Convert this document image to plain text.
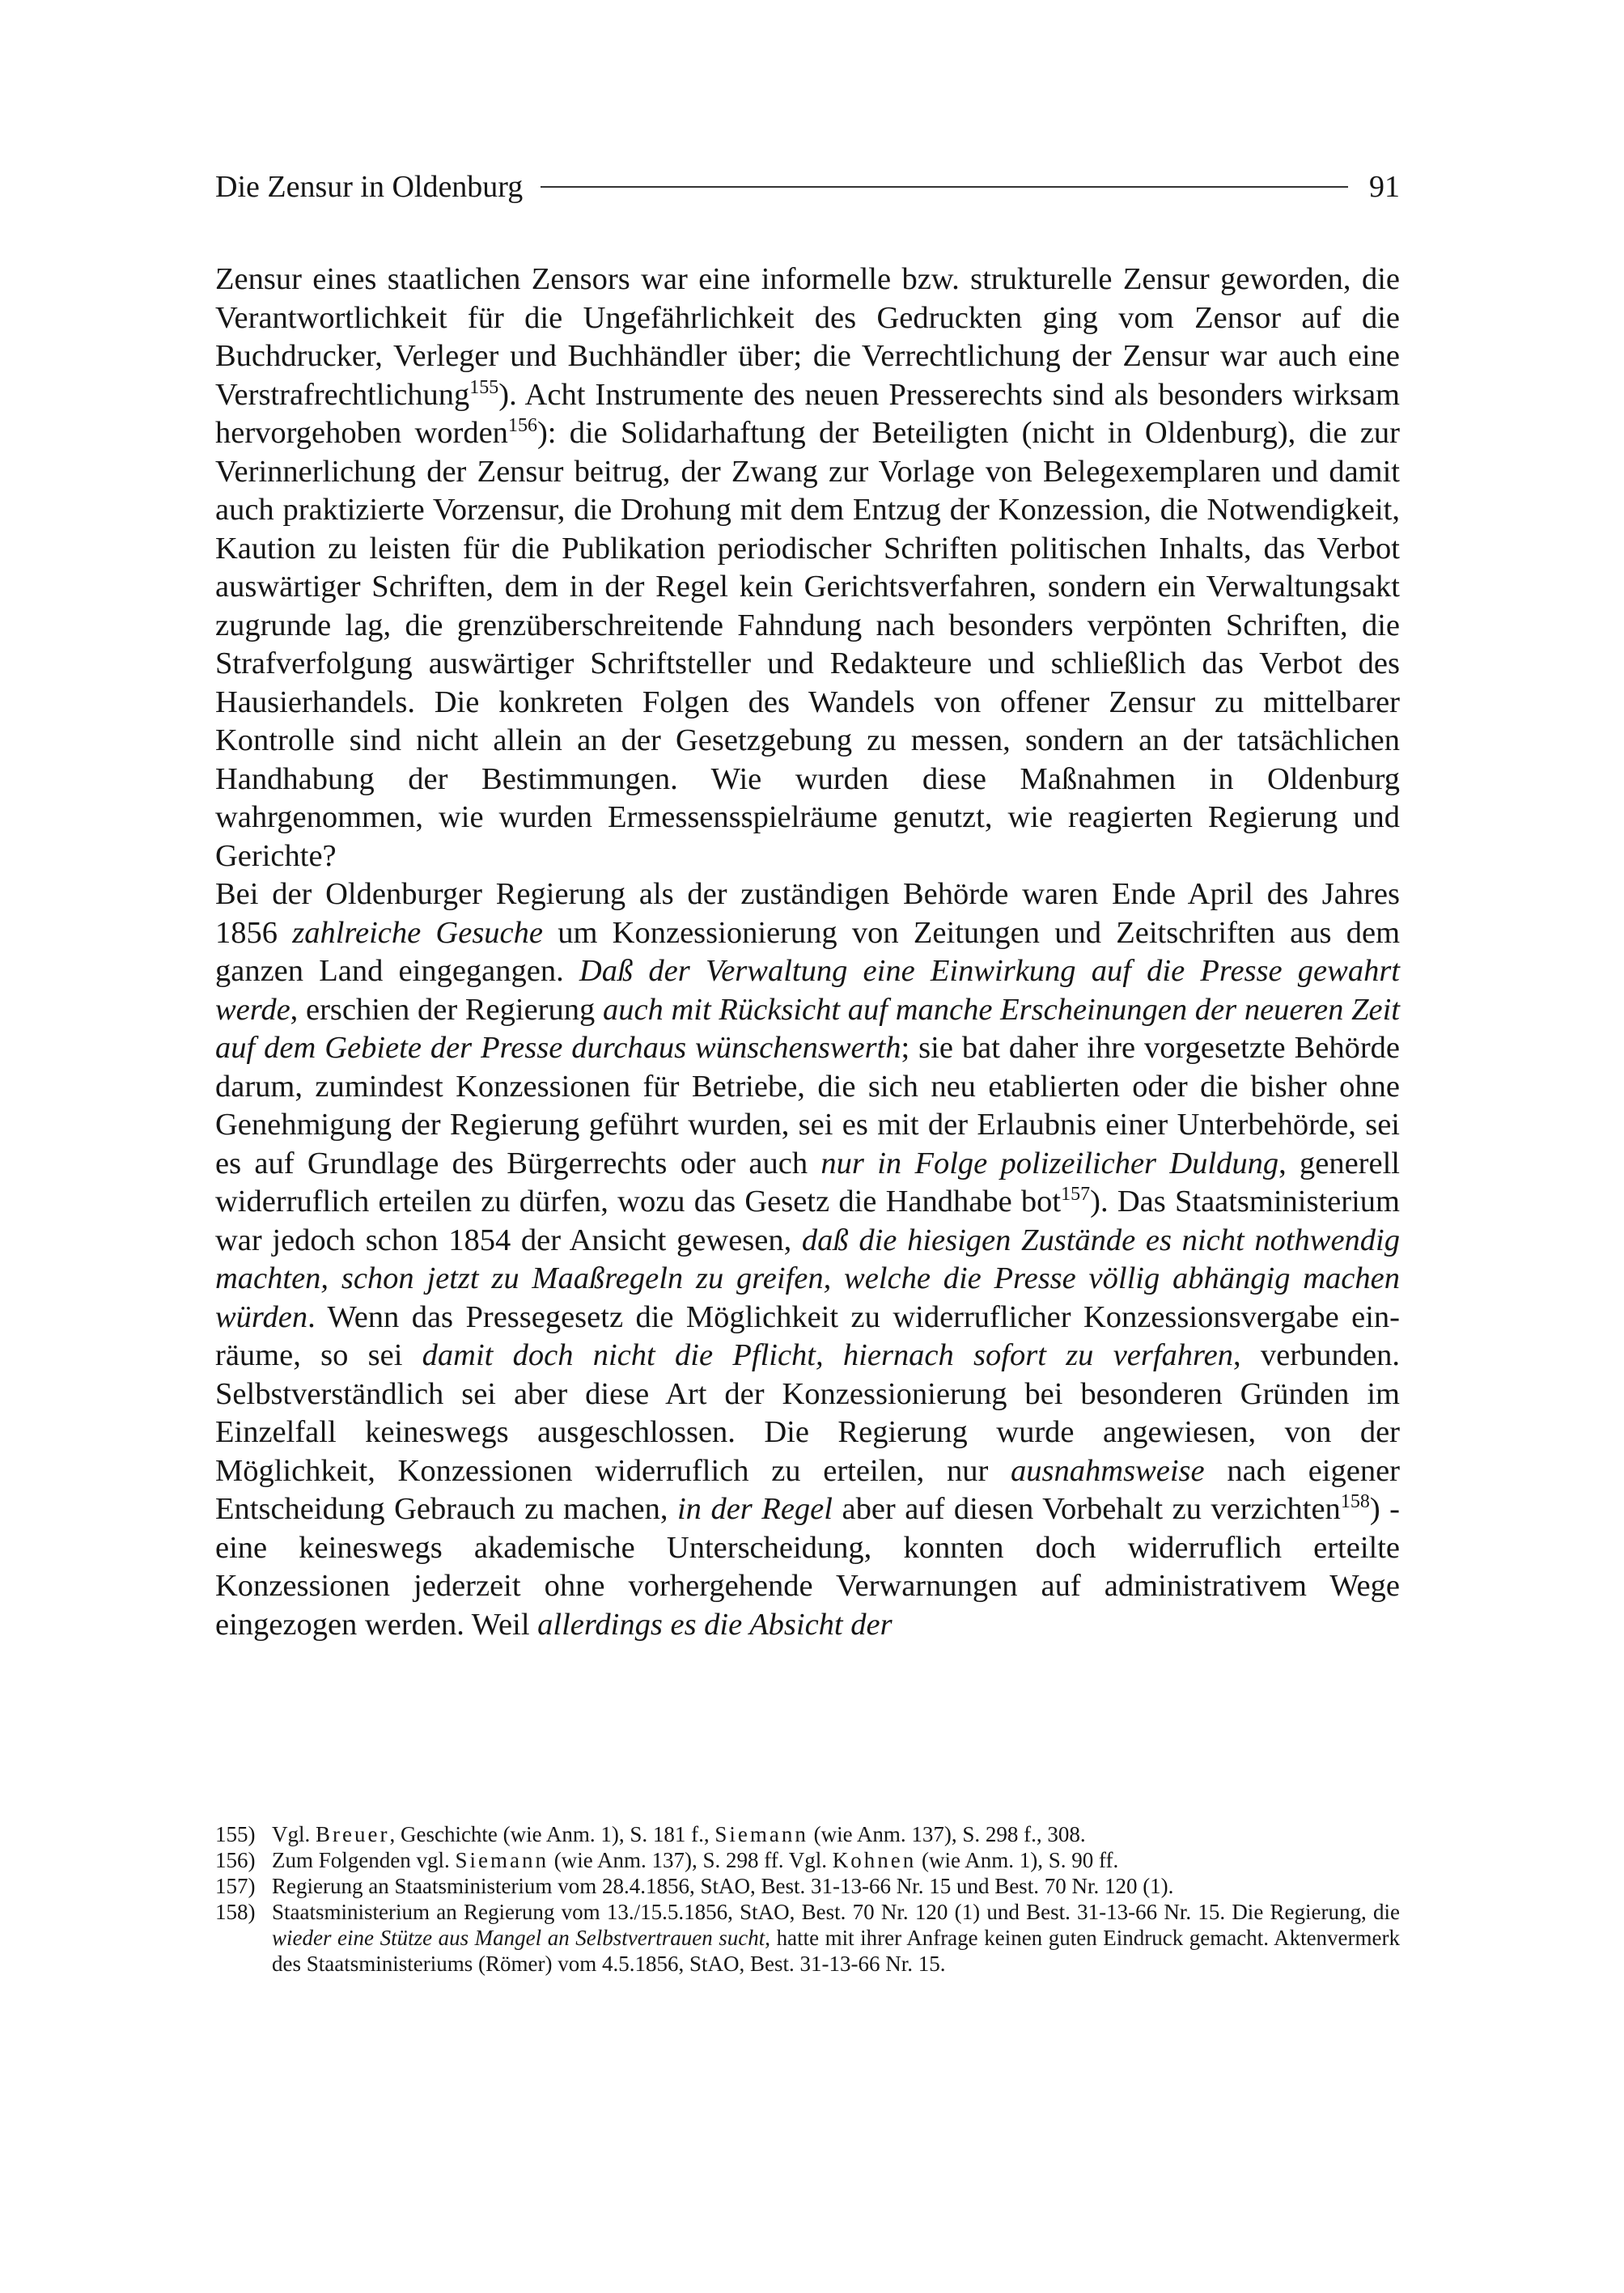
Die Zensur in Oldenburg	91

Zensur eines staatlichen Zensors war eine informelle bzw. strukturelle Zensur geworden, die Verantwortlichkeit für die Ungefährlichkeit des Gedruckten ging vom Zensor auf die Buchdrucker, Verleger und Buchhändler über; die Verrechtlichung der Zensur war auch eine Verstrafrechtlichung$^{155}$). Acht Instrumente des neuen Presserechts sind als besonders wirksam hervorgehoben worden$^{156}$): die Solidarhaftung der Beteiligten (nicht in Oldenburg), die zur Verinnerlichung der Zensur beitrug, der Zwang zur Vorlage von Belegexemplaren und damit auch praktizierte Vorzensur, die Drohung mit dem Entzug der Konzession, die Notwendigkeit, Kaution zu leisten für die Publikation periodischer Schriften politischen Inhalts, das Verbot auswärtiger Schriften, dem in der Regel kein Gerichtsverfahren, sondern ein Verwaltungsakt zugrunde lag, die grenzüberschreitende Fahndung nach besonders verpönten Schriften, die Strafverfolgung auswärtiger Schriftsteller und Redakteure und schließlich das Verbot des Hausierhandels. Die konkreten Folgen des Wandels von offener Zensur zu mittelbarer Kontrolle sind nicht allein an der Gesetzgebung zu messen, sondern an der tatsächlichen Handhabung der Bestimmungen. Wie wurden diese Maßnahmen in Oldenburg wahrgenommen, wie wurden Ermessensspielräume genutzt, wie reagierten Regierung und Gerichte?

Bei der Oldenburger Regierung als der zuständigen Behörde waren Ende April des Jahres 1856 zahlreiche Gesuche um Konzessionierung von Zeitungen und Zeitschriften aus dem ganzen Land eingegangen. Daß der Verwaltung eine Einwirkung auf die Presse gewahrt werde, erschien der Regierung auch mit Rücksicht auf manche Erscheinungen der neueren Zeit auf dem Gebiete der Presse durchaus wünschenswerth; sie bat daher ihre vorgesetzte Behörde darum, zumindest Konzessionen für Betriebe, die sich neu etablierten oder die bisher ohne Genehmigung der Regierung geführt wurden, sei es mit der Erlaubnis einer Unterbehörde, sei es auf Grundlage des Bürgerrechts oder auch nur in Folge polizeilicher Duldung, generell widerruflich erteilen zu dürfen, wozu das Gesetz die Handhabe bot$^{157}$). Das Staatsministerium war jedoch schon 1854 der Ansicht gewesen, daß die hiesigen Zustände es nicht nothwendig machten, schon jetzt zu Maaßregeln zu greifen, welche die Presse völlig abhängig machen würden. Wenn das Pressegesetz die Möglichkeit zu widerruflicher Konzessionsvergabe einräume, so sei damit doch nicht die Pflicht, hiernach sofort zu verfahren, verbunden. Selbstverständlich sei aber diese Art der Konzessionierung bei besonderen Gründen im Einzelfall keineswegs ausgeschlossen. Die Regierung wurde angewiesen, von der Möglichkeit, Konzessionen widerruflich zu erteilen, nur ausnahmsweise nach eigener Entscheidung Gebrauch zu machen, in der Regel aber auf diesen Vorbehalt zu verzichten$^{158}$) - eine keineswegs akademische Unterscheidung, konnten doch widerruflich erteilte Konzessionen jederzeit ohne vorhergehende Verwarnungen auf administrativem Wege eingezogen werden. Weil allerdings es die Absicht der

155) Vgl. Breuer, Geschichte (wie Anm. 1), S. 181 f., Siemann (wie Anm. 137), S. 298 f., 308.

156) Zum Folgenden vgl. Siemann (wie Anm. 137), S. 298 ff. Vgl. Kohnen (wie Anm. 1), S. 90 ff.

157) Regierung an Staatsministerium vom 28.4.1856, StAO, Best. 31-13-66 Nr. 15 und Best. 70 Nr. 120 (1).

158) Staatsministerium an Regierung vom 13./15.5.1856, StAO, Best. 70 Nr. 120 (1) und Best. 31-13-66 Nr. 15. Die Regierung, die wieder eine Stütze aus Mangel an Selbstvertrauen sucht, hatte mit ihrer Anfrage keinen guten Eindruck gemacht. Aktenvermerk des Staatsministeriums (Römer) vom 4.5.1856, StAO, Best. 31-13-66 Nr. 15.
